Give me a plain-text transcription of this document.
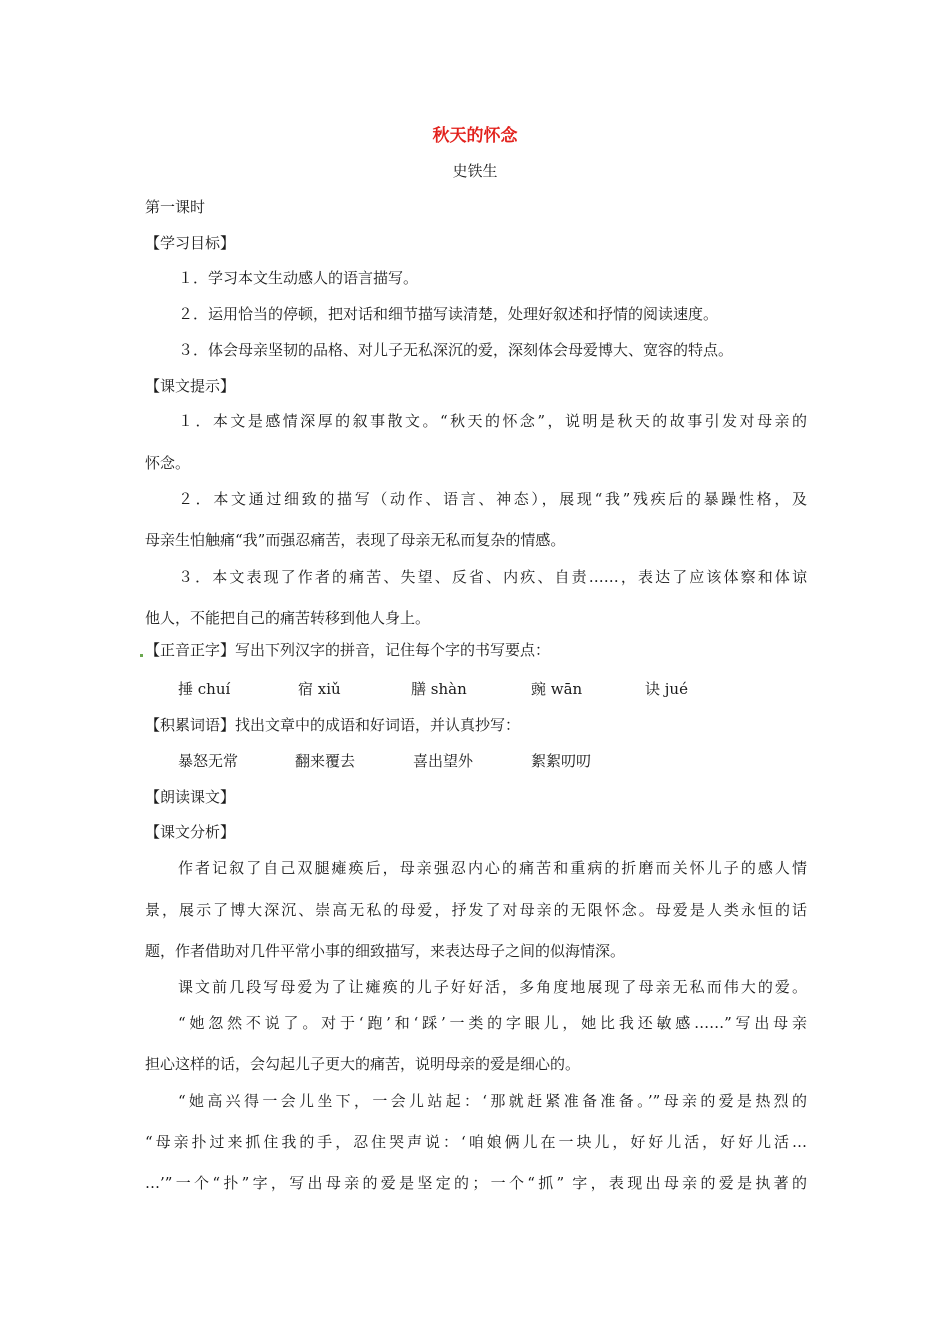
秋天的怀念
史铁生
第一课时
【学习目标】
１．学习本文生动感人的语言描写。
２．运用恰当的停顿，把对话和细节描写读清楚，处理好叙述和抒情的阅读速度。
３．体会母亲坚韧的品格、对儿子无私深沉的爱，深刻体会母爱博大、宽容的特点。
【课文提示】
１．本文是感情深厚的叙事散文。“秋天的怀念”，说明是秋天的故事引发对母亲的
怀念。
２．本文通过细致的描写（动作、语言、神态），展现“我”残疾后的暴躁性格，及
母亲生怕触痛“我”而强忍痛苦，表现了母亲无私而复杂的情感。
３．本文表现了作者的痛苦、失望、反省、内疚、自责……，表达了应该体察和体谅
他人，不能把自己的痛苦转移到他人身上。
【正音正字】写出下列汉字的拼音，记住每个字的书写要点：
捶 chuí	宿 xiǔ	膳 shàn	豌 wān	诀 jué
【积累词语】找出文章中的成语和好词语，并认真抄写：
暴怒无常	翻来覆去	喜出望外	絮絮叨叨
【朗读课文】
【课文分析】
作者记叙了自己双腿瘫痪后，母亲强忍内心的痛苦和重病的折磨而关怀儿子的感人情
景，展示了博大深沉、崇高无私的母爱，抒发了对母亲的无限怀念。母爱是人类永恒的话
题，作者借助对几件平常小事的细致描写，来表达母子之间的似海情深。
课文前几段写母爱为了让瘫痪的儿子好好活，多角度地展现了母亲无私而伟大的爱。
“她忽然不说了。对于‘跑’和‘踩’一类的字眼儿，她比我还敏感……”写出母亲
担心这样的话，会勾起儿子更大的痛苦，说明母亲的爱是细心的。
“她高兴得一会儿坐下，一会儿站起：‘那就赶紧准备准备。’”母亲的爱是热烈的
“母亲扑过来抓住我的手，忍住哭声说：‘咱娘俩儿在一块儿，好好儿活，好好儿活…
…’”一个“扑”字，写出母亲的爱是坚定的；一个“抓” 字，表现出母亲的爱是执著的
